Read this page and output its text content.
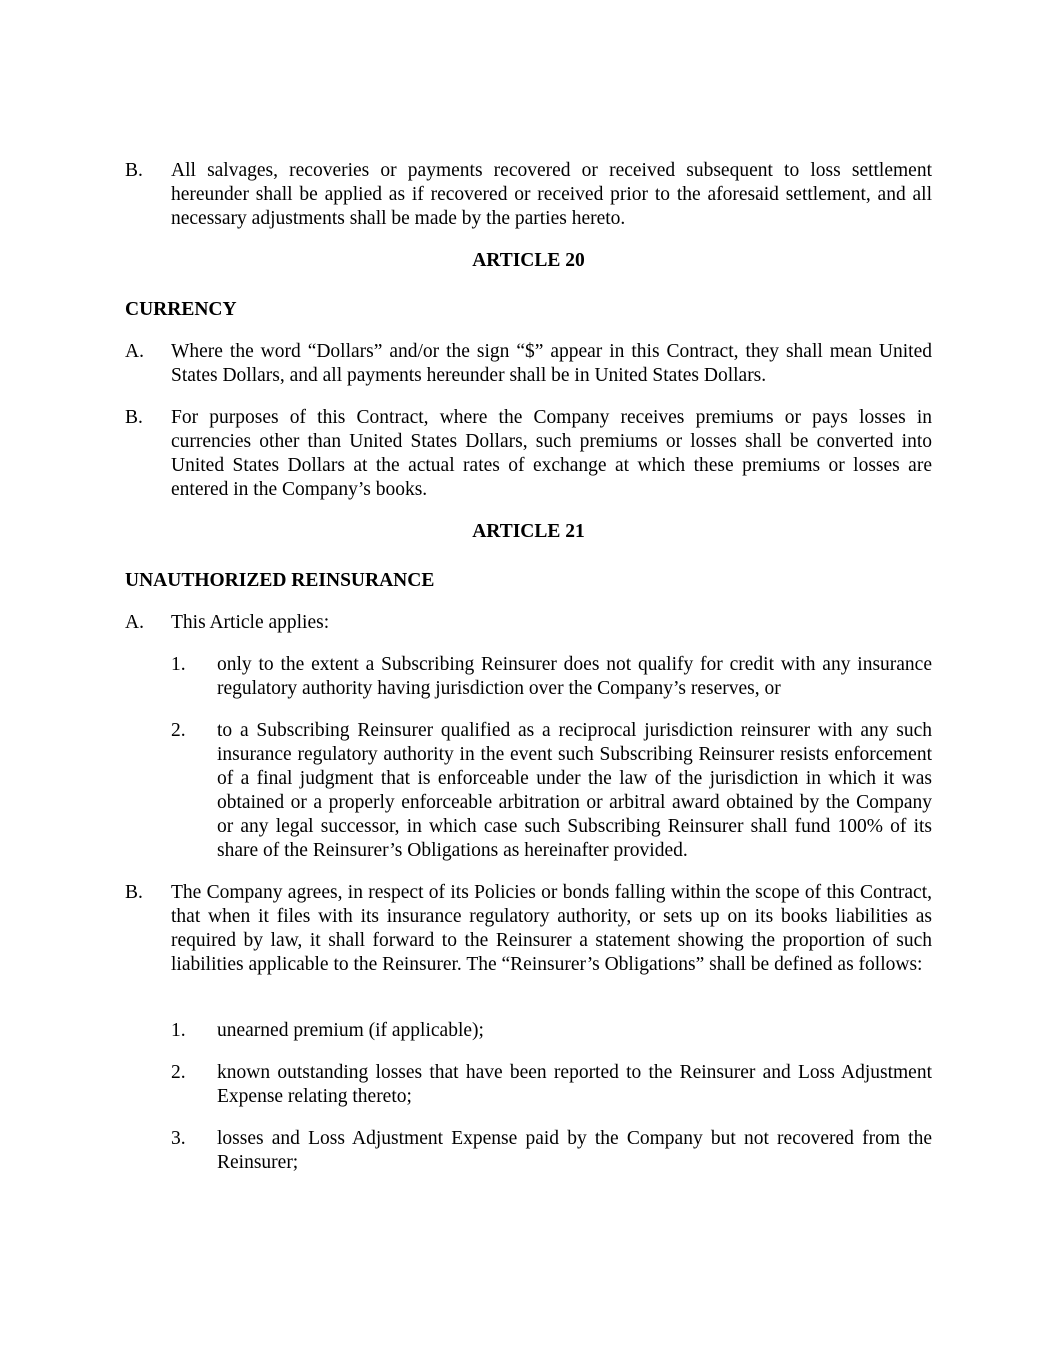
B.	All salvages, recoveries or payments recovered or received subsequent to loss settlement hereunder shall be applied as if recovered or received prior to the aforesaid settlement, and all necessary adjustments shall be made by the parties hereto.
ARTICLE 20
CURRENCY
A.	Where the word “Dollars” and/or the sign “$” appear in this Contract, they shall mean United States Dollars, and all payments hereunder shall be in United States Dollars.
B.	For purposes of this Contract, where the Company receives premiums or pays losses in currencies other than United States Dollars, such premiums or losses shall be converted into United States Dollars at the actual rates of exchange at which these premiums or losses are entered in the Company’s books.
ARTICLE 21
UNAUTHORIZED REINSURANCE
A.	This Article applies:
1.	only to the extent a Subscribing Reinsurer does not qualify for credit with any insurance regulatory authority having jurisdiction over the Company’s reserves, or
2.	to a Subscribing Reinsurer qualified as a reciprocal jurisdiction reinsurer with any such insurance regulatory authority in the event such Subscribing Reinsurer resists enforcement of a final judgment that is enforceable under the law of the jurisdiction in which it was obtained or a properly enforceable arbitration or arbitral award obtained by the Company or any legal successor, in which case such Subscribing Reinsurer shall fund 100% of its share of the Reinsurer’s Obligations as hereinafter provided.
B.	The Company agrees, in respect of its Policies or bonds falling within the scope of this Contract, that when it files with its insurance regulatory authority, or sets up on its books liabilities as required by law, it shall forward to the Reinsurer a statement showing the proportion of such liabilities applicable to the Reinsurer. The “Reinsurer’s Obligations” shall be defined as follows:
1.	unearned premium (if applicable);
2.	known outstanding losses that have been reported to the Reinsurer and Loss Adjustment Expense relating thereto;
3.	losses and Loss Adjustment Expense paid by the Company but not recovered from the Reinsurer;
